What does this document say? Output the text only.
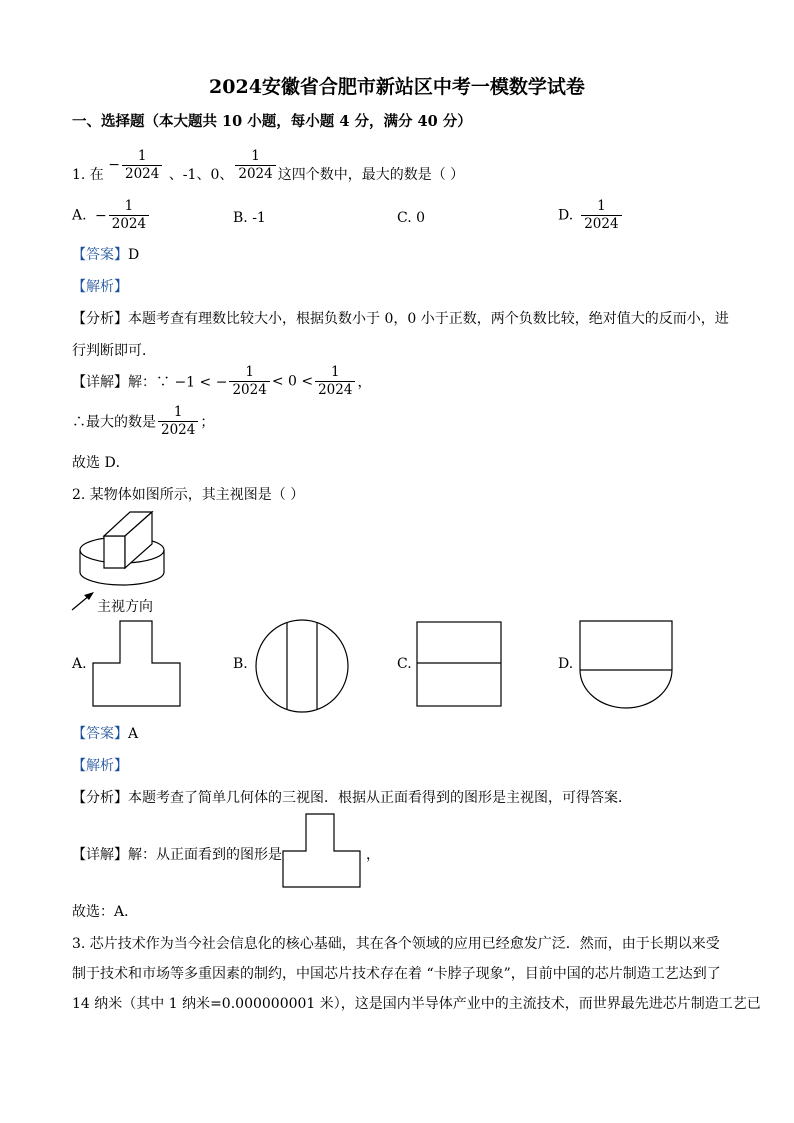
2024安徽省合肥市新站区中考一模数学试卷
一、选择题（本大题共 10 小题，每小题 4 分，满分 40 分）
1. 在 − $\frac{1}{2024}$ 、-1、0、 $\frac{1}{2024}$ 这四个数中，最大的数是（ ）
A. − $\frac{1}{2024}$	B. -1	C. 0	D. $\frac{1}{2024}$
【答案】D
【解析】
【分析】本题考查有理数比较大小，根据负数小于 0，0 小于正数，两个负数比较，绝对值大的反而小，进
行判断即可．
【详解】解：∵ −1 < − $\frac{1}{2024} < 0 < \frac{1}{2024}$ ，
∴最大的数是 $\frac{1}{2024}$ ；
故选 D．
2. 某物体如图所示，其主视图是（ ）
主视方向
A.	B.	C.	D.
【答案】A
【解析】
【分析】本题考查了简单几何体的三视图．根据从正面看得到的图形是主视图，可得答案．
【详解】解：从正面看到的图形是	，
故选：A．
3. 芯片技术作为当今社会信息化的核心基础，其在各个领域的应用已经愈发广泛．然而，由于长期以来受
制于技术和市场等多重因素的制约，中国芯片技术存在着 “卡脖子现象”，目前中国的芯片制造工艺达到了
14 纳米（其中 1 纳米=0.000000001 米），这是国内半导体产业中的主流技术，而世界最先进芯片制造工艺已
